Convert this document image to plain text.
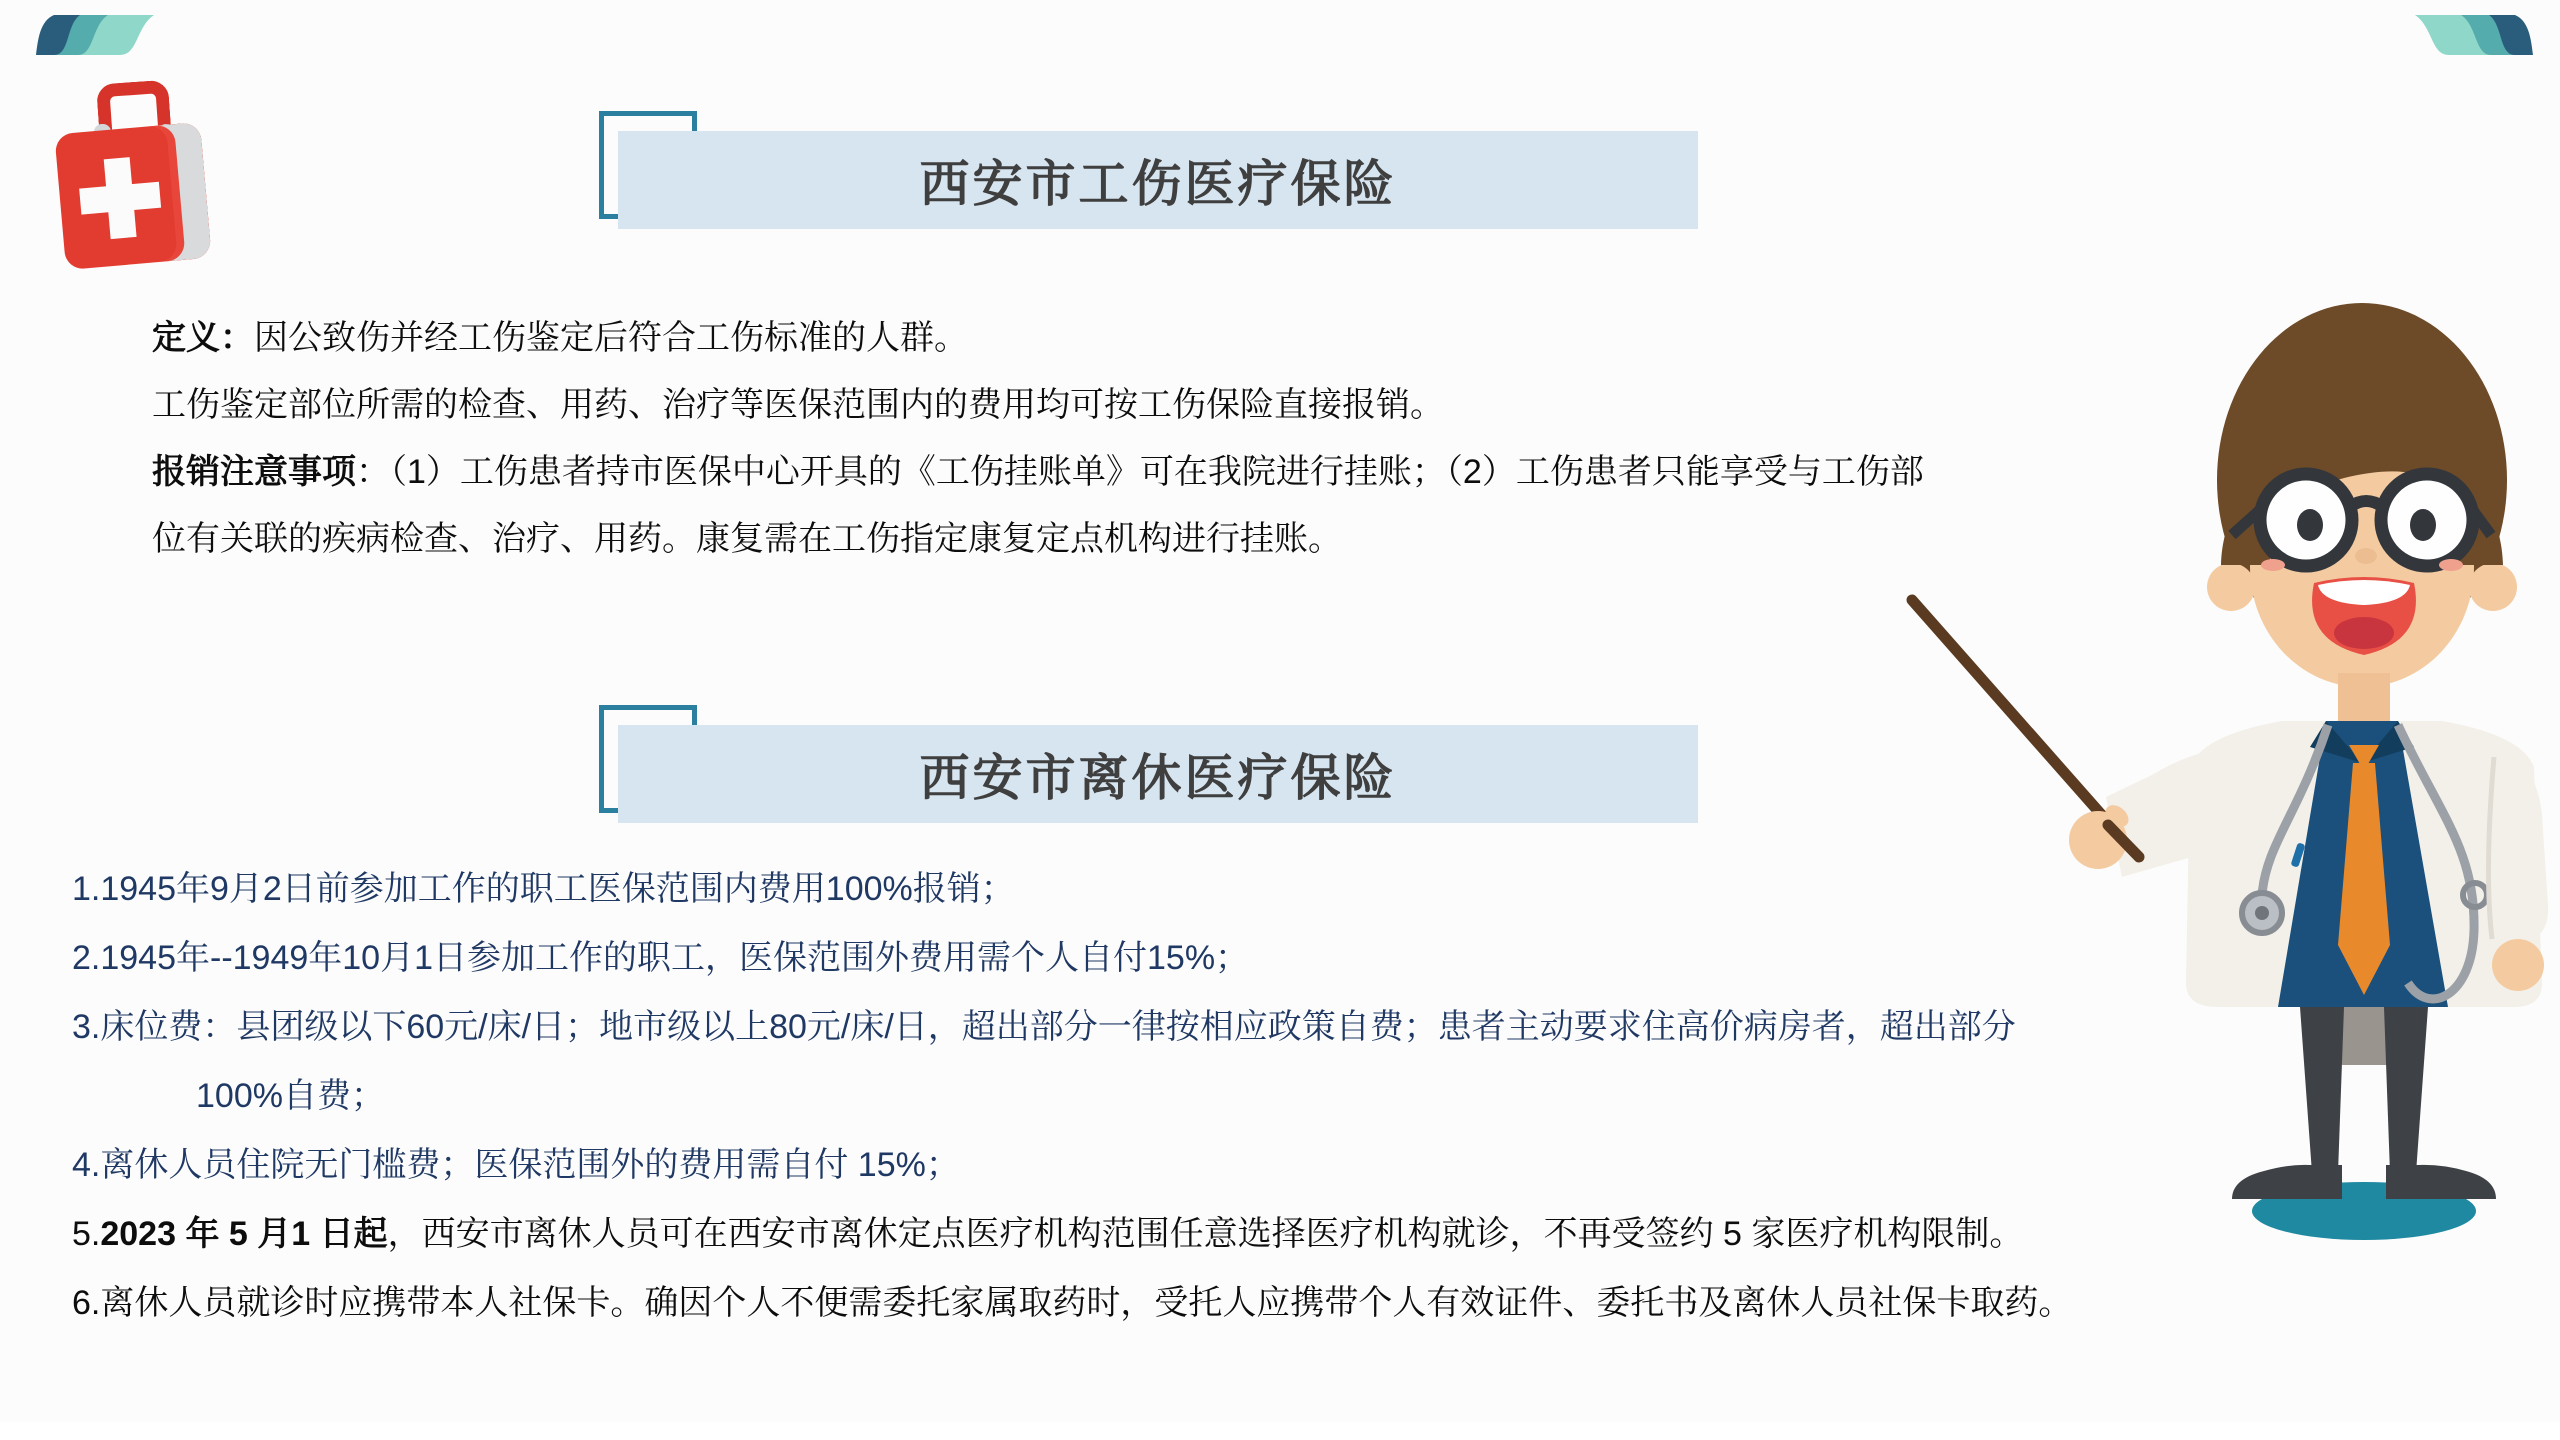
西安市工伤医疗保险
定义：因公致伤并经工伤鉴定后符合工伤标准的人群。
工伤鉴定部位所需的检查、用药、治疗等医保范围内的费用均可按工伤保险直接报销。
报销注意事项：（1）工伤患者持市医保中心开具的《工伤挂账单》可在我院进行挂账；（2）工伤患者只能享受与工伤部
位有关联的疾病检查、治疗、用药。康复需在工伤指定康复定点机构进行挂账。
西安市离休医疗保险
1.1945年9月2日前参加工作的职工医保范围内费用100%报销；
2.1945年--1949年10月1日参加工作的职工，医保范围外费用需个人自付15%；
3.床位费：县团级以下60元/床/日；地市级以上80元/床/日，超出部分一律按相应政策自费；患者主动要求住高价病房者，超出部分
100%自费；
4.离休人员住院无门槛费；医保范围外的费用需自付 15%；
5.2023 年 5 月1 日起，西安市离休人员可在西安市离休定点医疗机构范围任意选择医疗机构就诊，不再受签约 5 家医疗机构限制。
6.离休人员就诊时应携带本人社保卡。确因个人不便需委托家属取药时，受托人应携带个人有效证件、委托书及离休人员社保卡取药。
